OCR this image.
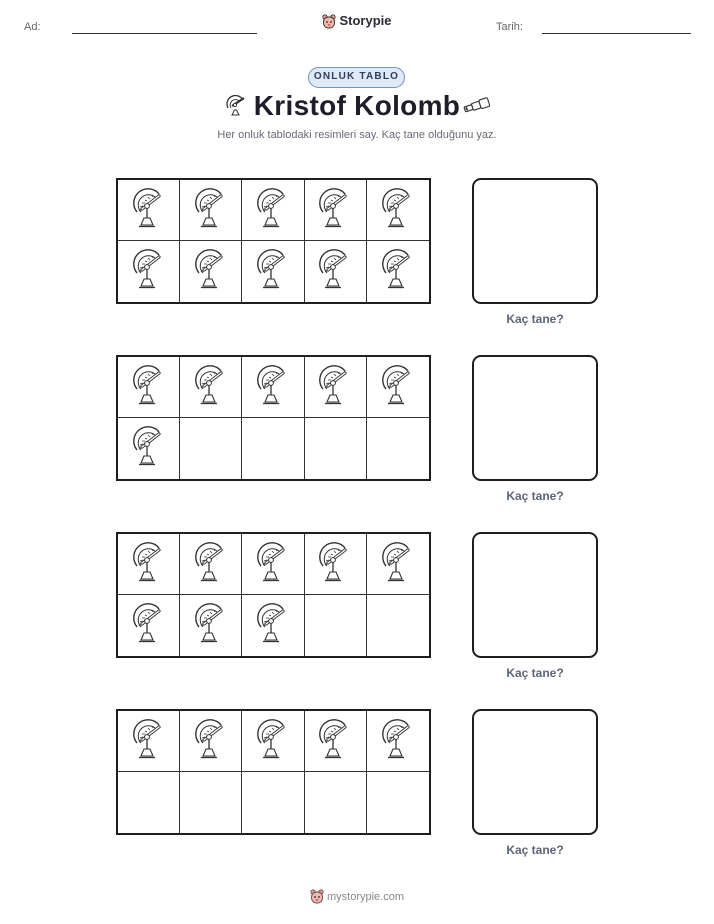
Ad:	Storypie	Tarih:
ONLUK TABLO
Kristof Kolomb
Her onluk tablodaki resimleri say. Kaç tane olduğunu yaz.
Kaç tane?
Kaç tane?
Kaç tane?
Kaç tane?
mystorypie.com
